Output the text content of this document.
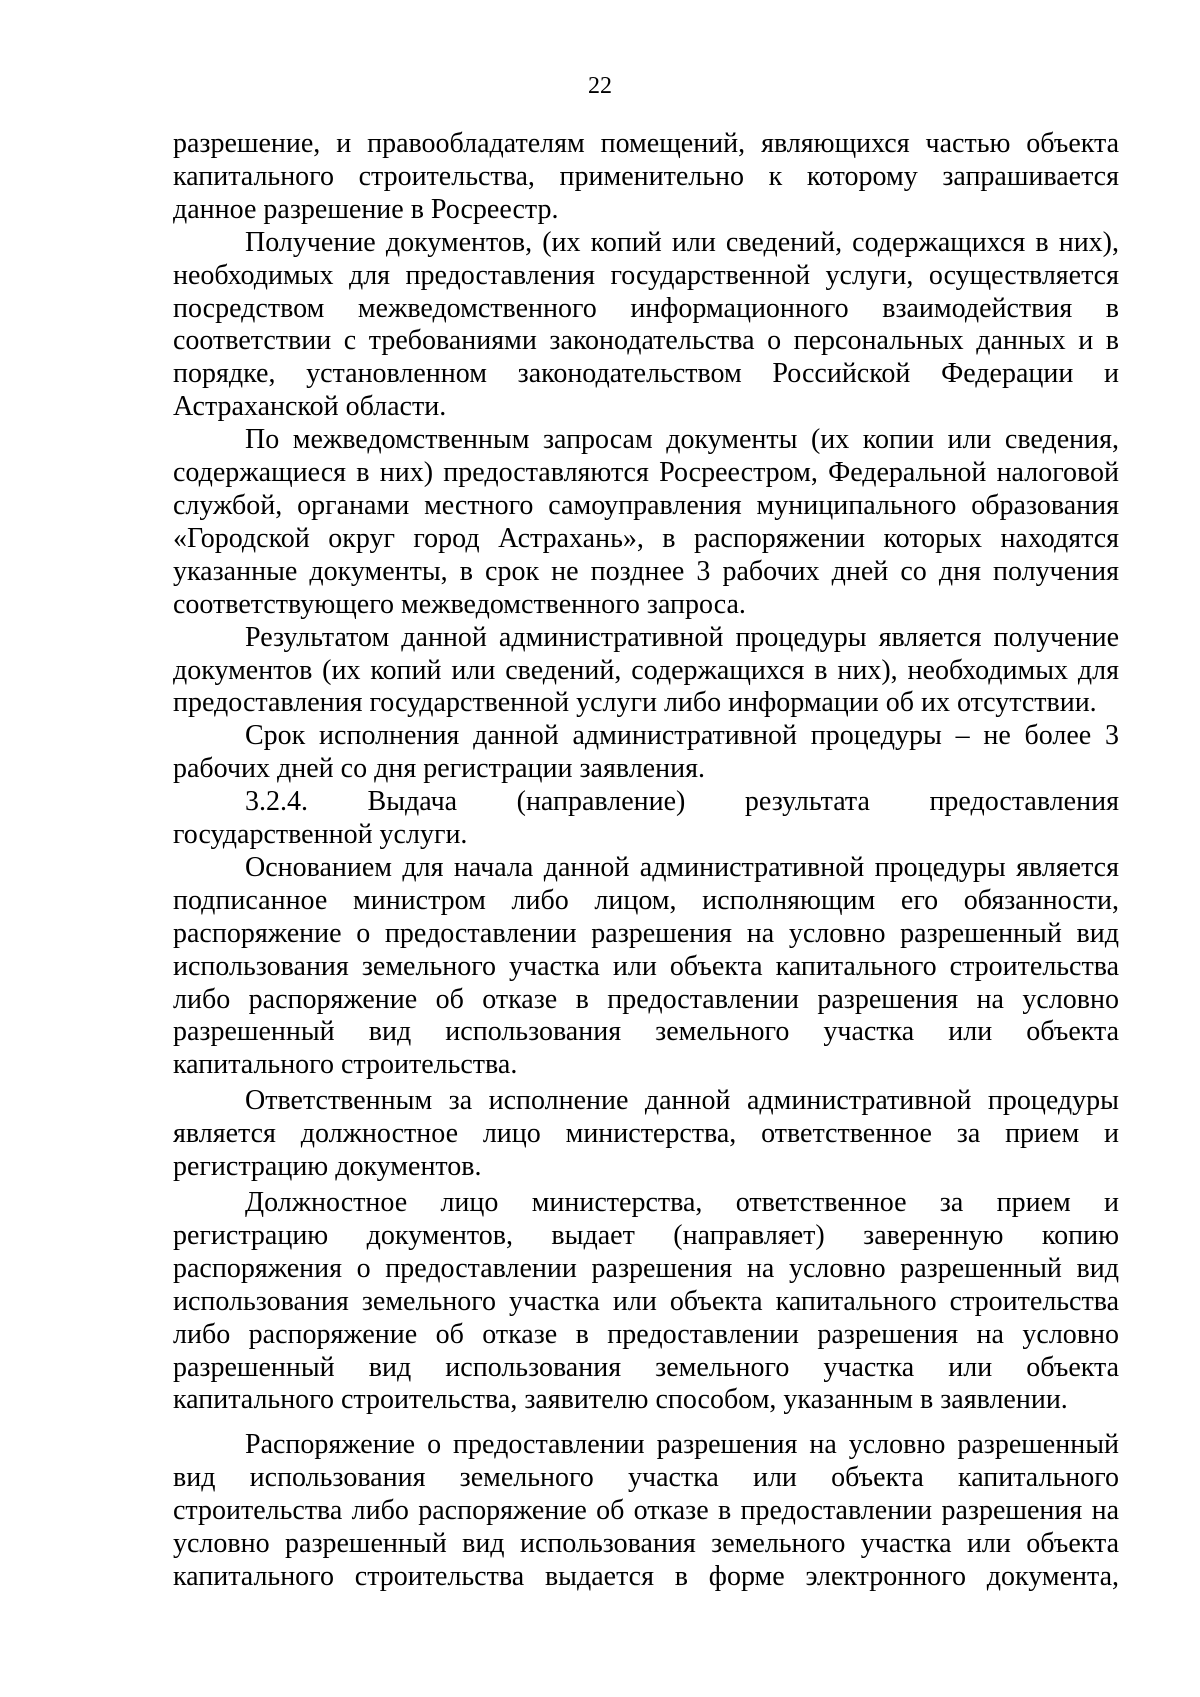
22

разрешение, и правообладателям помещений, являющихся частью объекта капитального строительства, применительно к которому запрашивается данное разрешение в Росреестр.

Получение документов, (их копий или сведений, содержащихся в них), необходимых для предоставления государственной услуги, осуществляется посредством межведомственного информационного взаимодействия в соответствии с требованиями законодательства о персональных данных и в порядке, установленном законодательством Российской Федерации и Астраханской области.

По межведомственным запросам документы (их копии или сведения, содержащиеся в них) предоставляются Росреестром, Федеральной налоговой службой, органами местного самоуправления муниципального образования «Городской округ город Астрахань», в распоряжении которых находятся указанные документы, в срок не позднее 3 рабочих дней со дня получения соответствующего межведомственного запроса.

Результатом данной административной процедуры является получение документов (их копий или сведений, содержащихся в них), необходимых для предоставления государственной услуги либо информации об их отсутствии.

Срок исполнения данной административной процедуры – не более 3 рабочих дней со дня регистрации заявления.

3.2.4. Выдача (направление) результата предоставления

государственной услуги.

Основанием для начала данной административной процедуры является подписанное министром либо лицом, исполняющим его обязанности, распоряжение о предоставлении разрешения на условно разрешенный вид использования земельного участка или объекта капитального строительства либо распоряжение об отказе в предоставлении разрешения на условно разрешенный вид использования земельного участка или объекта капитального строительства.

Ответственным за исполнение данной административной процедуры является должностное лицо министерства, ответственное за прием и регистрацию документов.

Должностное лицо министерства, ответственное за прием и регистрацию документов, выдает (направляет) заверенную копию распоряжения о предоставлении разрешения на условно разрешенный вид использования земельного участка или объекта капитального строительства либо распоряжение об отказе в предоставлении разрешения на условно разрешенный вид использования земельного участка или объекта капитального строительства, заявителю способом, указанным в заявлении.

Распоряжение о предоставлении разрешения на условно разрешенный вид использования земельного участка или объекта капитального строительства либо распоряжение об отказе в предоставлении разрешения на условно разрешенный вид использования земельного участка или объекта капитального строительства выдается в форме электронного документа,
